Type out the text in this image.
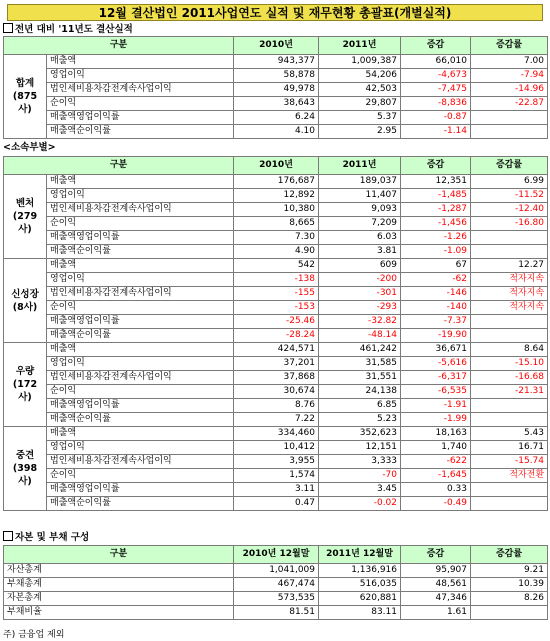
12월 결산법인 2011사업연도 실적 및 재무현황 총괄표(개별실적)
전년 대비 '11년도 결산실적
구분		2010년	2011년	증감	증감률

합계
(875사)	매출액	943,377	1,009,387	66,010	7.00
	영업이익	58,878	54,206	-4,673	-7.94
	법인세비용차감전계속사업이익	49,978	42,503	-7,475	-14.96
	순이익	38,643	29,807	-8,836	-22.87
	매출액영업이익률	6.24	5.37	-0.87	
	매출액순이익률	4.10	2.95	-1.14	
<소속부별>
구분		2010년	2011년	증감	증감률

벤처
(279사)	매출액	176,687	189,037	12,351	6.99
	영업이익	12,892	11,407	-1,485	-11.52
	법인세비용차감전계속사업이익	10,380	9,093	-1,287	-12.40
	순이익	8,665	7,209	-1,456	-16.80
	매출액영업이익률	7.30	6.03	-1.26	
	매출액순이익률	4.90	3.81	-1.09	

신성장
(8사)	매출액	542	609	67	12.27
	영업이익	-138	-200	-62	적자지속
	법인세비용차감전계속사업이익	-155	-301	-146	적자지속
	순이익	-153	-293	-140	적자지속
	매출액영업이익률	-25.46	-32.82	-7.37	
	매출액순이익률	-28.24	-48.14	-19.90	

우량
(172사)	매출액	424,571	461,242	36,671	8.64
	영업이익	37,201	31,585	-5,616	-15.10
	법인세비용차감전계속사업이익	37,868	31,551	-6,317	-16.68
	순이익	30,674	24,138	-6,535	-21.31
	매출액영업이익률	8.76	6.85	-1.91	
	매출액순이익률	7.22	5.23	-1.99	

중견
(398사)	매출액	334,460	352,623	18,163	5.43
	영업이익	10,412	12,151	1,740	16.71
	법인세비용차감전계속사업이익	3,955	3,333	-622	-15.74
	순이익	1,574	-70	-1,645	적자전환
	매출액영업이익률	3.11	3.45	0.33	
	매출액순이익률	0.47	-0.02	-0.49	
자본 및 부채 구성
구분	2010년 12월말	2011년 12월말	증감	증감률
자산총계	1,041,009	1,136,916	95,907	9.21
부채총계	467,474	516,035	48,561	10.39
자본총계	573,535	620,881	47,346	8.26
부채비율	81.51	83.11	1.61	
주) 금융업 제외
